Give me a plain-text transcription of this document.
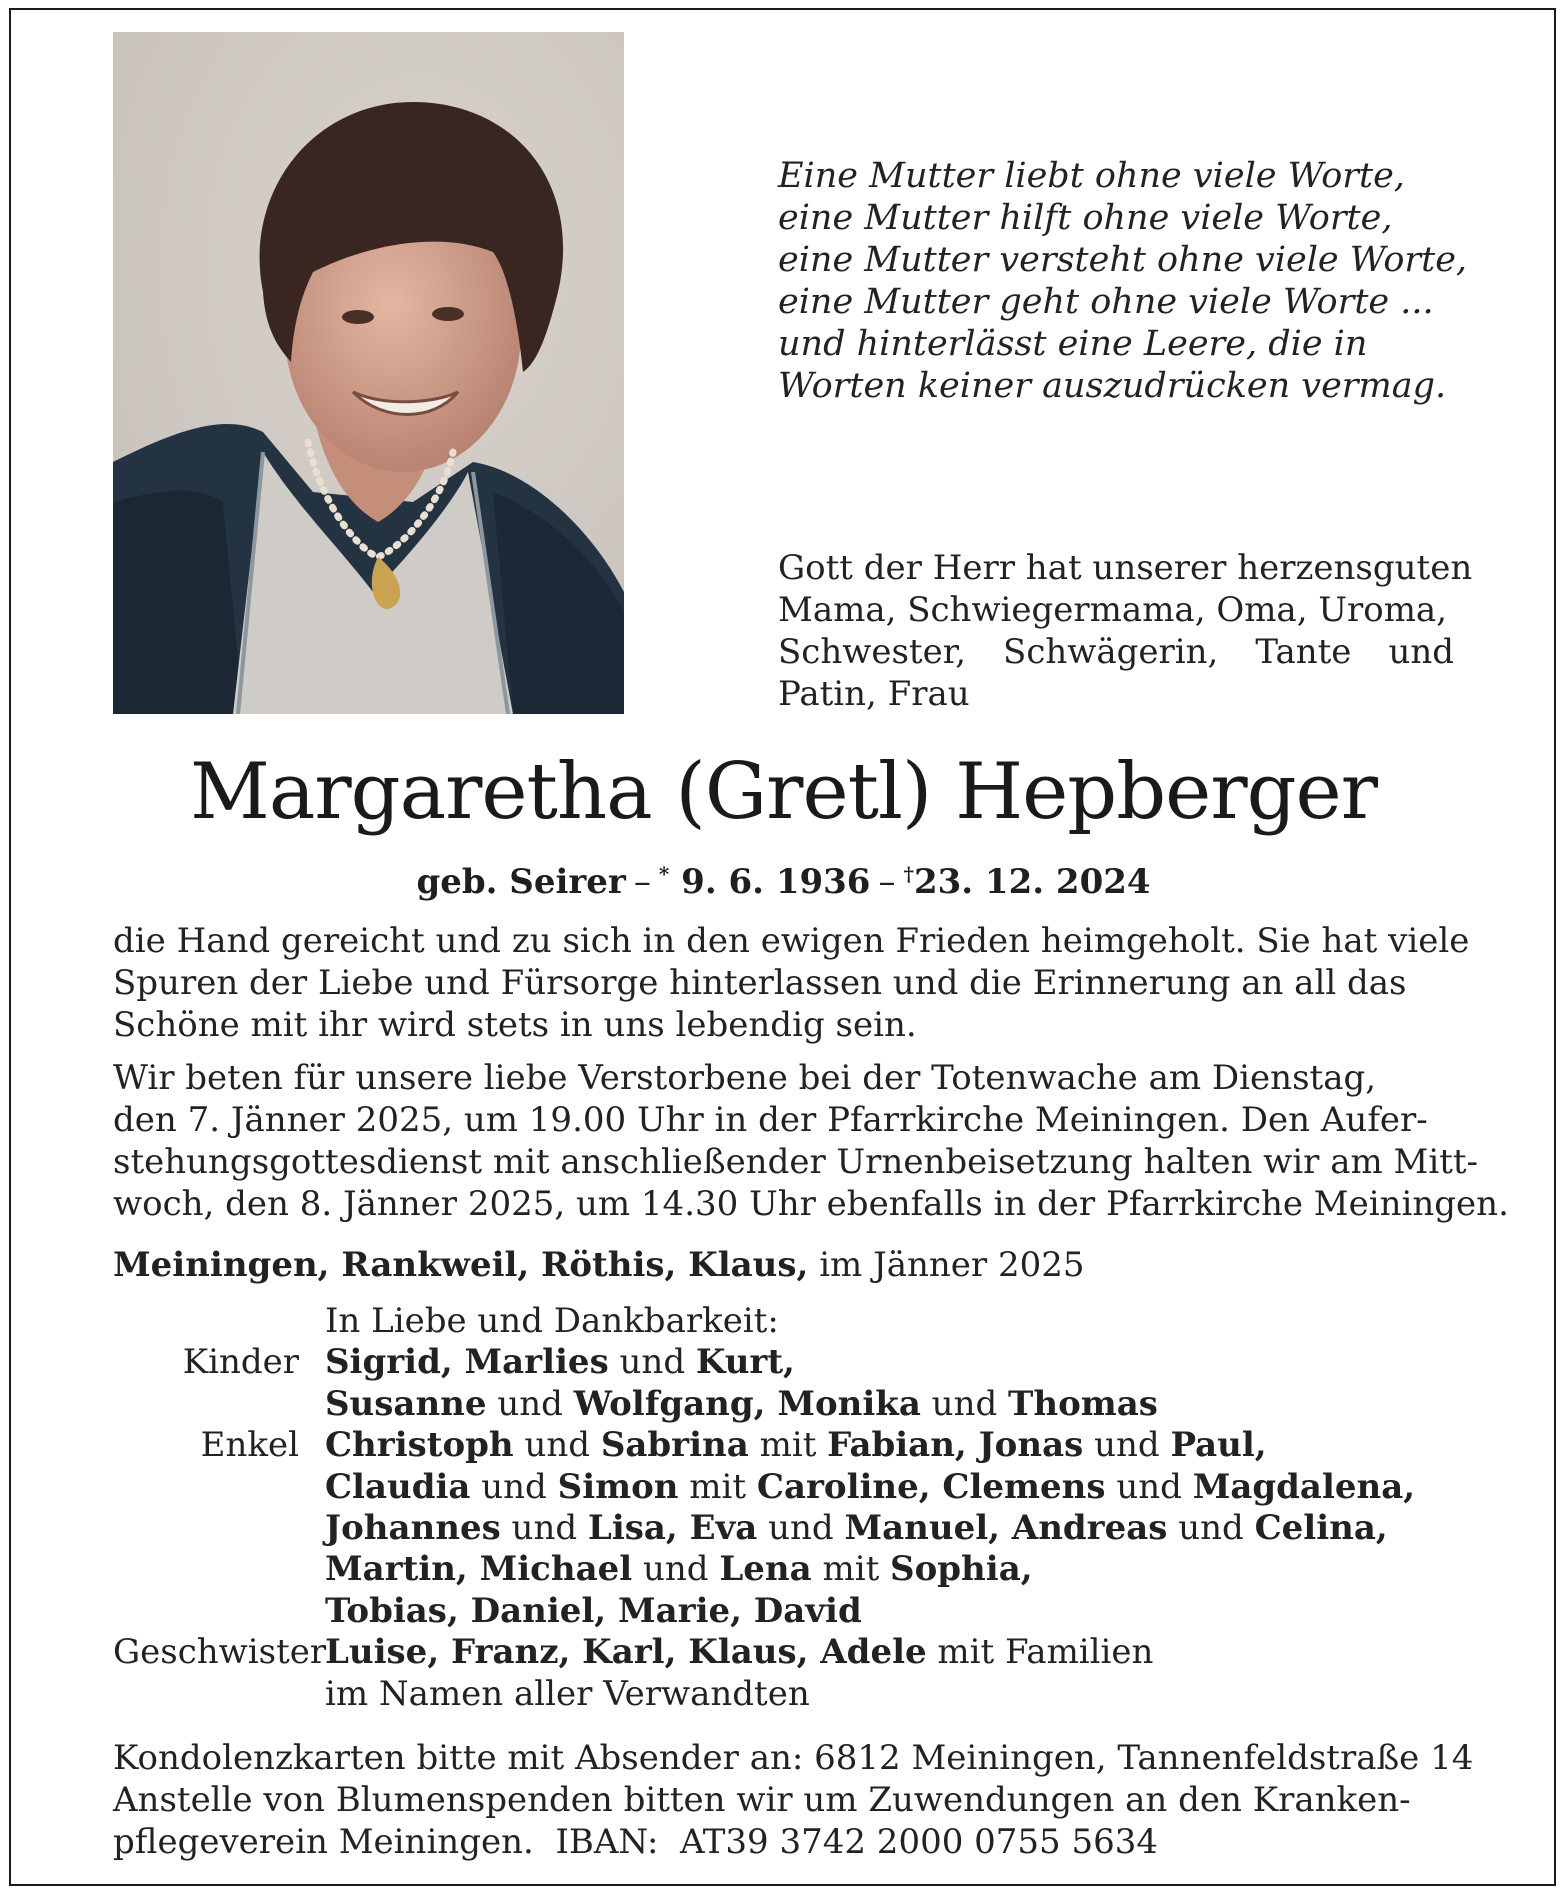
Eine Mutter liebt ohne viele Worte,
eine Mutter hilft ohne viele Worte,
eine Mutter versteht ohne viele Worte,
eine Mutter geht ohne viele Worte ...
und hinterlässt eine Leere, die in
Worten keiner auszudrücken vermag.
Gott der Herr hat unserer herzensguten
Mama, Schwiegermama, Oma, Uroma,
Schwester, Schwägerin, Tante und
Patin, Frau
Margaretha (Gretl) Hepberger
geb. Seirer – * 9. 6. 1936 – †23. 12. 2024
die Hand gereicht und zu sich in den ewigen Frieden heimgeholt. Sie hat viele
Spuren der Liebe und Fürsorge hinterlassen und die Erinnerung an all das
Schöne mit ihr wird stets in uns lebendig sein.
Wir beten für unsere liebe Verstorbene bei der Totenwache am Dienstag,
den 7. Jänner 2025, um 19.00 Uhr in der Pfarrkirche Meiningen. Den Aufer-
stehungsgottesdienst mit anschließender Urnenbeisetzung halten wir am Mitt-
woch, den 8. Jänner 2025, um 14.30 Uhr ebenfalls in der Pfarrkirche Meiningen.
Meiningen, Rankweil, Röthis, Klaus, im Jänner 2025
In Liebe und Dankbarkeit:
Kinder Sigrid, Marlies und Kurt,
Susanne und Wolfgang, Monika und Thomas
Enkel Christoph und Sabrina mit Fabian, Jonas und Paul,
Claudia und Simon mit Caroline, Clemens und Magdalena,
Johannes und Lisa, Eva und Manuel, Andreas und Celina,
Martin, Michael und Lena mit Sophia,
Tobias, Daniel, Marie, David
Geschwister
Luise, Franz, Karl, Klaus, Adele mit Familien
im Namen aller Verwandten
Kondolenzkarten bitte mit Absender an: 6812 Meiningen, Tannenfeldstraße 14
Anstelle von Blumenspenden bitten wir um Zuwendungen an den Kranken-
pflegeverein Meiningen. IBAN: AT39 3742 2000 0755 5634
